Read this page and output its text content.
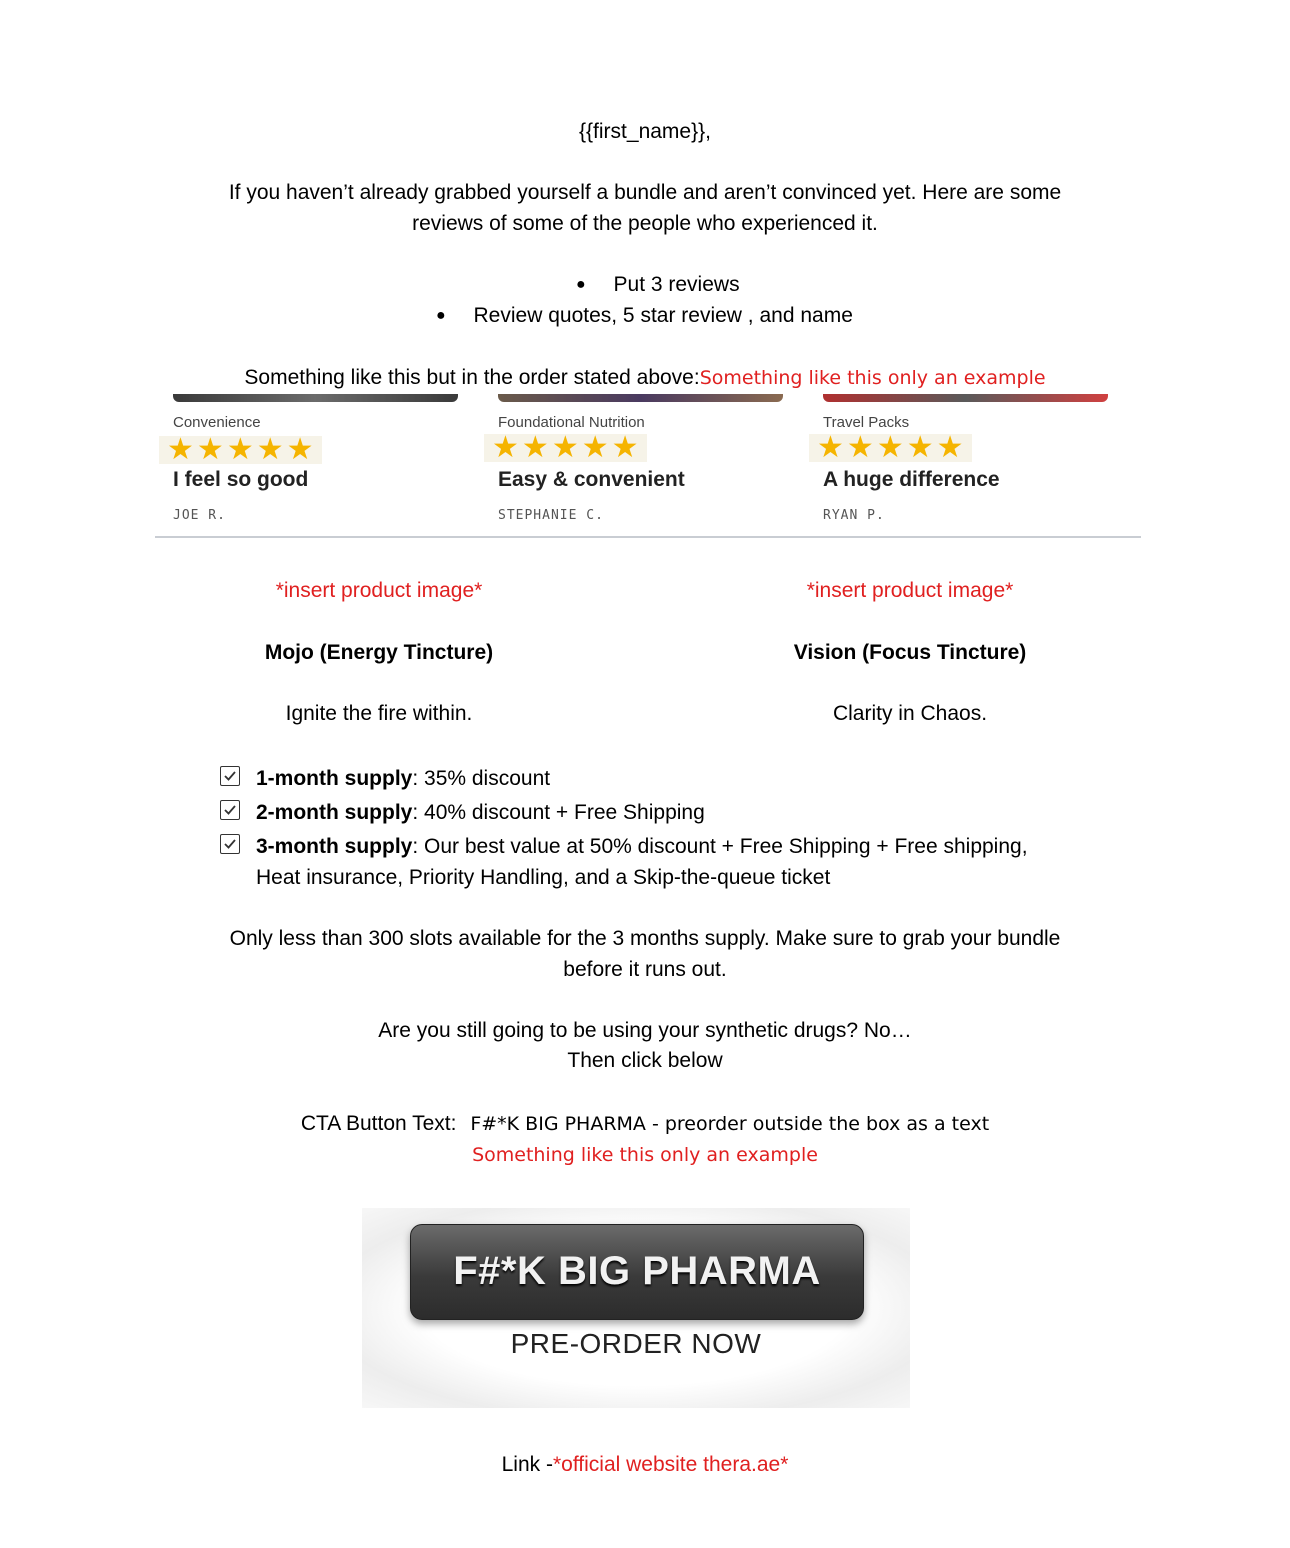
{{first_name}},
If you haven’t already grabbed yourself a bundle and aren’t convinced yet. Here are some
reviews of some of the people who experienced it.
● Put 3 reviews
● Review quotes, 5 star review , and name
Something like this but in the order stated above:Something like this only an example
Convenience
★ ★ ★ ★ ★
I feel so good
JOE R.
Foundational Nutrition
★ ★ ★ ★ ★
Easy & convenient
STEPHANIE C.
Travel Packs
★ ★ ★ ★ ★
A huge difference
RYAN P.
*insert product image*	*insert product image*
Mojo (Energy Tincture)	Vision (Focus Tincture)
Ignite the fire within.	Clarity in Chaos.
1-month supply: 35% discount
2-month supply: 40% discount + Free Shipping
3-month supply: Our best value at 50% discount + Free Shipping + Free shipping,
Heat insurance, Priority Handling, and a Skip-the-queue ticket
Only less than 300 slots available for the 3 months supply. Make sure to grab your bundle
before it runs out.
Are you still going to be using your synthetic drugs? No…
Then click below
CTA Button Text: F#*K BIG PHARMA - preorder outside the box as a text
Something like this only an example
F#*K BIG PHARMA
PRE-ORDER NOW
Link -*official website thera.ae*
